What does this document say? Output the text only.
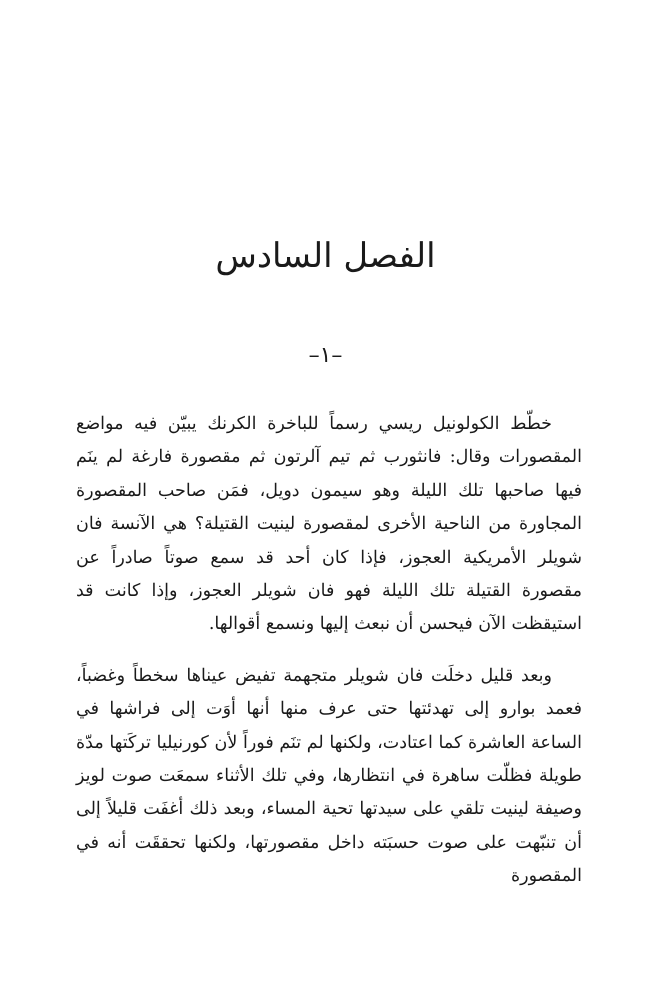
الفصل السادس
–١–

خطّط الكولونيل ريسي رسماً للباخرة الكرنك يبيّن فيه مواضع المقصورات وقال: فانثورب ثم تيم آلرتون ثم مقصورة فارغة لم ينَم فيها صاحبها تلك الليلة وهو سيمون دويل، فمَن صاحب المقصورة المجاورة من الناحية الأخرى لمقصورة لينيت القتيلة؟ هي الآنسة فان شويلر الأمريكية العجوز، فإذا كان أحد قد سمع صوتاً صادراً عن مقصورة القتيلة تلك الليلة فهو فان شويلر العجوز، وإذا كانت قد استيقظت الآن فيحسن أن نبعث إليها ونسمع أقوالها.

وبعد قليل دخلَت فان شويلر متجهمة تفيض عيناها سخطاً وغضباً، فعمد بوارو إلى تهدئتها حتى عرف منها أنها أوَت إلى فراشها في الساعة العاشرة كما اعتادت، ولكنها لم تنَم فوراً لأن كورنيليا تركَتها مدّة طويلة فظلّت ساهرة في انتظارها، وفي تلك الأثناء سمعَت صوت لويز وصيفة لينيت تلقي على سيدتها تحية المساء، وبعد ذلك أغفَت قليلاً إلى أن تنبّهت على صوت حسبَته داخل مقصورتها، ولكنها تحققَت أنه في المقصورة
